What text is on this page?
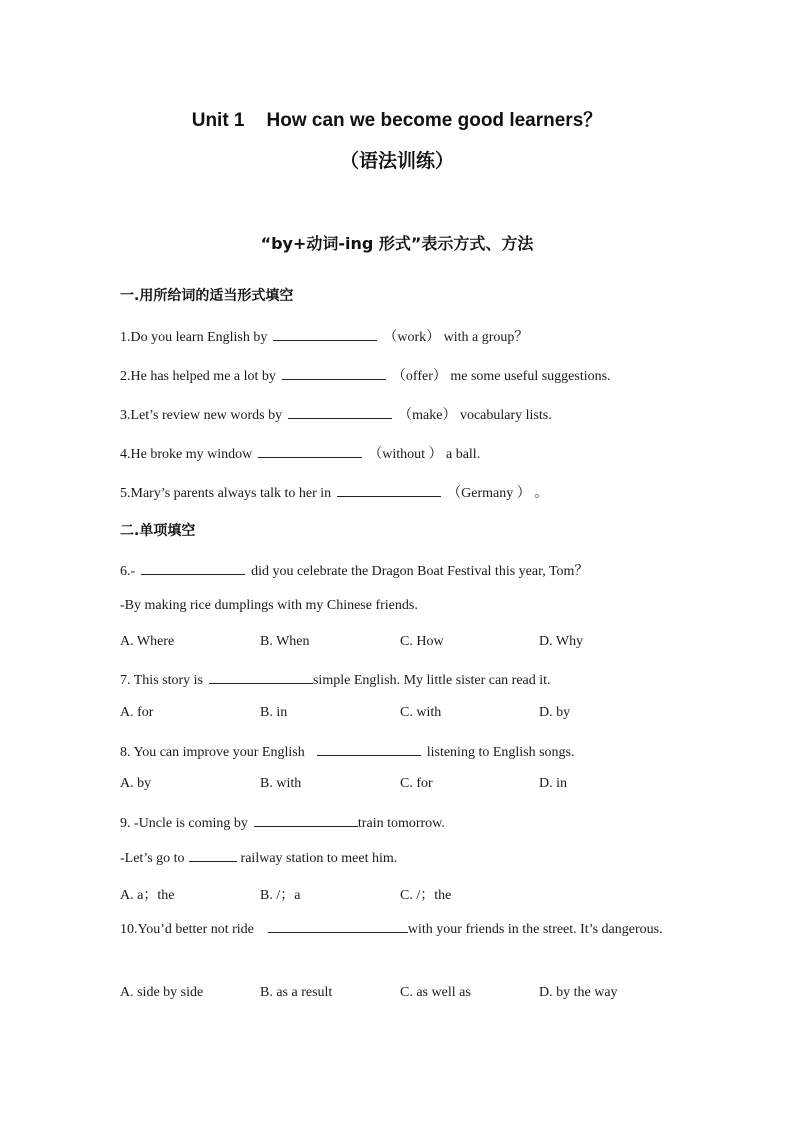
Unit 1 How can we become good learners？
（语法训练）
“by+动词-ing 形式”表示方式、方法
一.用所给词的适当形式填空
1.Do you learn English by	（work） with a group？
2.He has helped me a lot by	（offer） me some useful suggestions.
3.Let’s review new words by	（make） vocabulary lists.
4.He broke my window	（without ） a ball.
5.Mary’s parents always talk to her in	（Germany ） 。
二.单项填空
6.-	did you celebrate the Dragon Boat Festival this year, Tom？
-By making rice dumplings with my Chinese friends.
A. Where	B. When	C. How	D. Why
7. This story is	simple English. My little sister can read it.
A. for	B. in	C. with	D. by
8. You can improve your English	listening to English songs.
A. by	B. with	C. for	D. in
9. -Uncle is coming by	train tomorrow.
-Let’s go to	railway station to meet him.
A. a；the	B. /；a	C. /；the
10.You’d better not ride	with your friends in the street. It’s dangerous.
A. side by side	B. as a result	C. as well as	D. by the way
